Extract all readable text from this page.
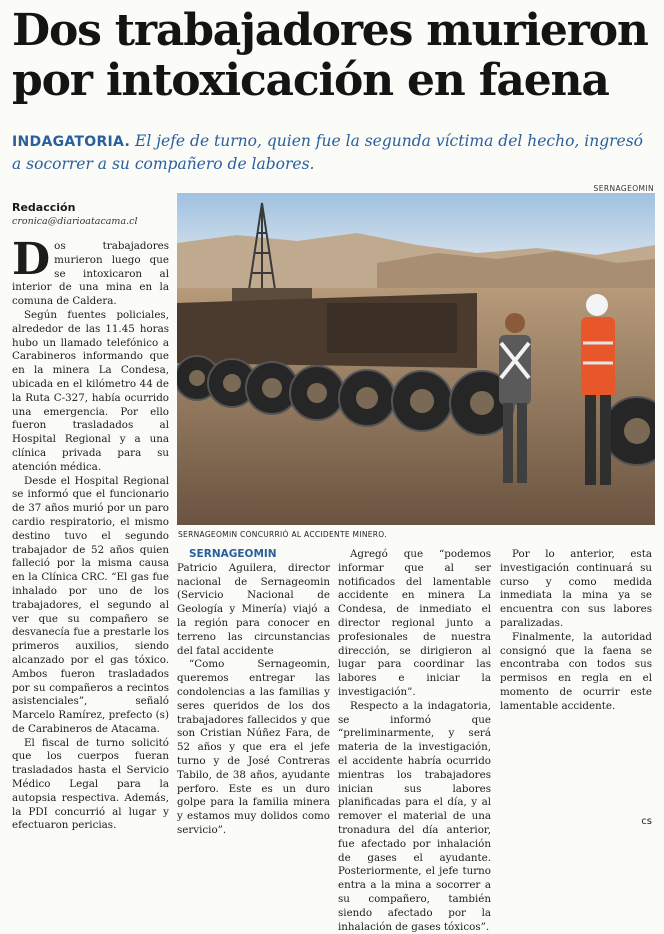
Dos trabajadores murieron por intoxicación en faena

INDAGATORIA. El jefe de turno, quien fue la segunda víctima del hecho, ingresó a socorrer a su compañero de labores.

Redacción
cronica@diarioatacama.cl
SERNAGEOMIN
SERNAGEOMIN CONCURRIÓ AL ACCIDENTE MINERO.

Dos trabajadores murieron luego que se intoxicaron al interior de una mina en la comuna de Caldera.

Según fuentes policiales, alrededor de las 11.45 horas hubo un llamado telefónico a Carabineros informando que en la minera La Condesa, ubicada en el kilómetro 44 de la Ruta C-327, había ocurrido una emergencia. Por ello fueron trasladados al Hospital Regional y a una clínica privada para su atención médica.

Desde el Hospital Regional se informó que el funcionario de 37 años murió por un paro cardio respiratorio, el mismo destino tuvo el segundo trabajador de 52 años quien falleció por la misma causa en la Clínica CRC. “El gas fue inhalado por uno de los trabajadores, el segundo al ver que su compañero se desvanecía fue a prestarle los primeros auxilios, siendo alcanzado por el gas tóxico. Ambos fueron trasladados por su compañeros a recintos asistenciales”, señaló Marcelo Ramírez, prefecto (s) de Carabineros de Atacama.

El fiscal de turno solicitó que los cuerpos fueran trasladados hasta el Servicio Médico Legal para la autopsia respectiva. Además, la PDI concurrió al lugar y efectuaron pericias.

SERNAGEOMIN

Patricio Aguilera, director nacional de Sernageomin (Servicio Nacional de Geología y Minería) viajó a la región para conocer en terreno las circunstancias del fatal accidente

“Como Sernageomin, queremos entregar las condolencias a las familias y seres queridos de los dos trabajadores fallecidos y que son Cristian Núñez Fara, de 52 años y que era el jefe turno y de José Contreras Tabilo, de 38 años, ayudante perforo. Este es un duro golpe para la familia minera y estamos muy dolidos como servicio”.

Agregó que “podemos informar que al ser notificados del lamentable accidente en minera La Condesa, de inmediato el director regional junto a profesionales de nuestra dirección, se dirigieron al lugar para coordinar las labores e iniciar la investigación”.

Respecto a la indagatoria, se informó que “preliminarmente, y será materia de la investigación, el accidente habría ocurrido mientras los trabajadores inician sus labores planificadas para el día, y al remover el material de una tronadura del día anterior, fue afectado por inhalación de gases el ayudante. Posteriormente, el jefe turno entra a la mina a socorrer a su compañero, también siendo afectado por la inhalación de gases tóxicos”.

Por lo anterior, esta investigación continuará su curso y como medida inmediata la mina ya se encuentra con sus labores paralizadas.

Finalmente, la autoridad consignó que la faena se encontraba con todos sus permisos en regla en el momento de ocurrir este lamentable accidente.

cs
